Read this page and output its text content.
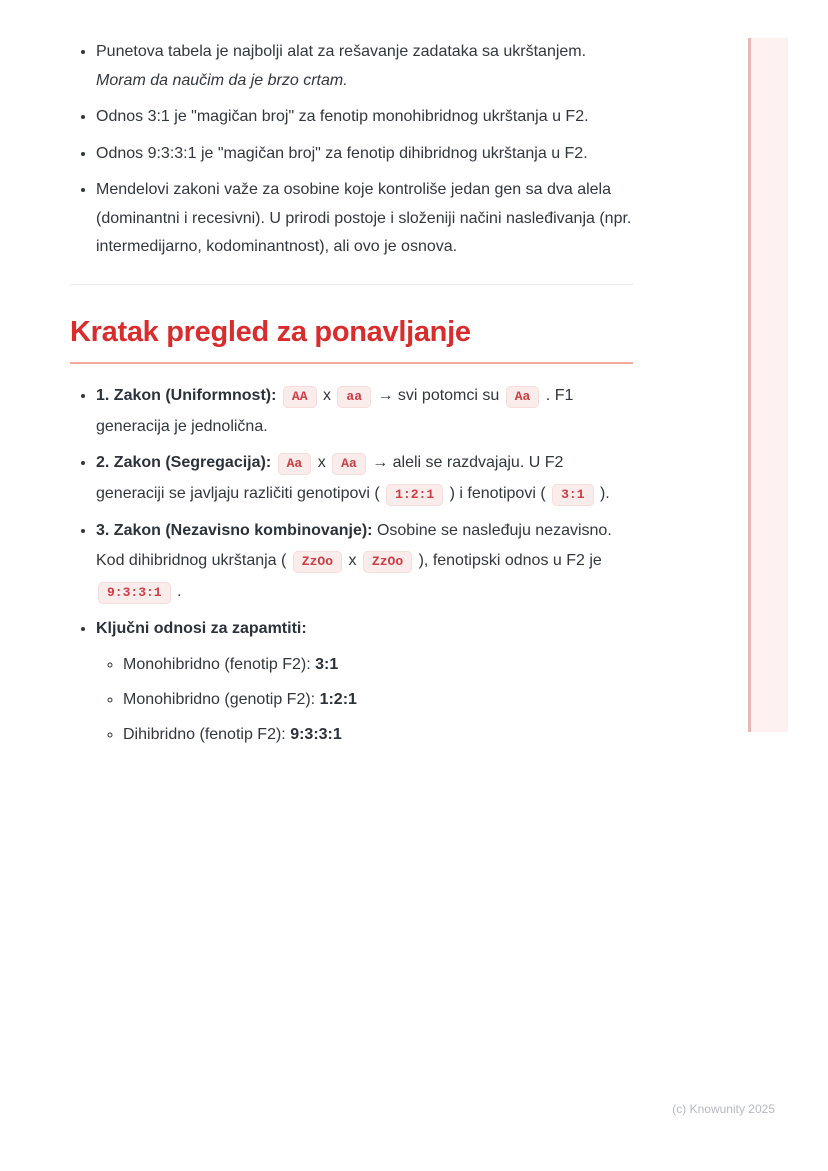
• Punetova tabela je najbolji alat za rešavanje zadataka sa ukrštanjem.
Moram da naučim da je brzo crtam.
• Odnos 3:1 je "magičan broj" za fenotip monohibridnog ukrštanja u F2.
• Odnos 9:3:3:1 je "magičan broj" za fenotip dihibridnog ukrštanja u F2.
• Mendelovi zakoni važe za osobine koje kontroliše jedan gen sa dva alela (dominantni i recesivni). U prirodi postoje i složeniji načini nasleđivanja (npr. intermedijarno, kodominantnost), ali ovo je osnova.
Kratak pregled za ponavljanje
• 1. Zakon (Uniformnost): AA x aa → svi potomci su Aa . F1 generacija je jednolična.
• 2. Zakon (Segregacija): Aa x Aa → aleli se razdvajaju. U F2 generaciji se javljaju različiti genotipovi ( 1:2:1 ) i fenotipovi ( 3:1 ).
• 3. Zakon (Nezavisno kombinovanje): Osobine se nasleđuju nezavisno. Kod dihibridnog ukrštanja ( ZzOo x ZzOo ), fenotipski odnos u F2 je 9:3:3:1 .
• Ključni odnosi za zapamtiti:
◦ Monohibridno (fenotip F2): 3:1
◦ Monohibridno (genotip F2): 1:2:1
◦ Dihibridno (fenotip F2): 9:3:3:1
(c) Knowunity 2025
